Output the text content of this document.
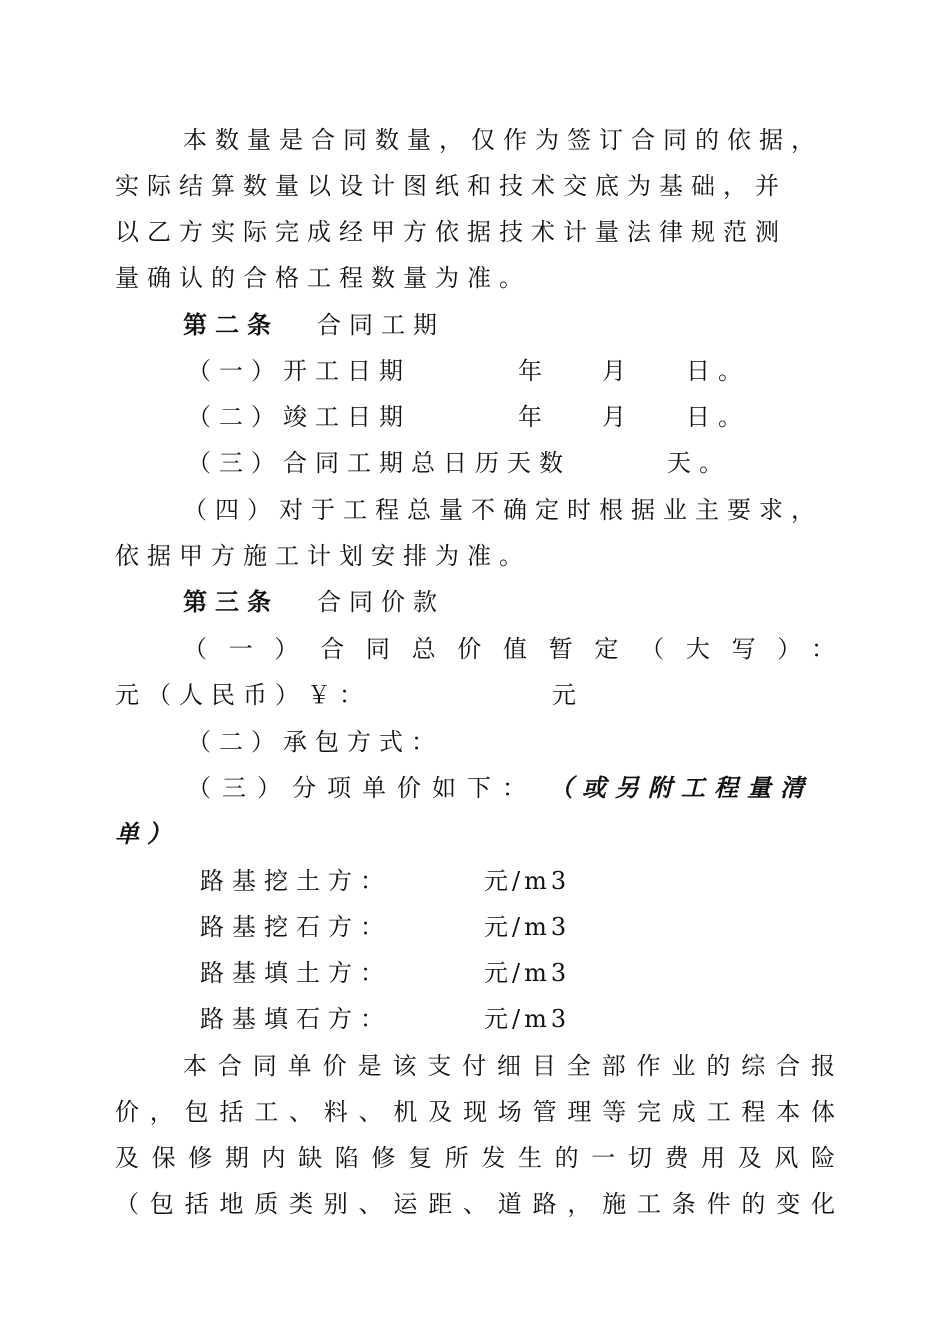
本数量是合同数量，仅作为签订合同的依据，
实际结算数量以设计图纸和技术交底为基础，并
以乙方实际完成经甲方依据技术计量法律规范测
量确认的合格工程数量为准。
第二条 合同工期
（一）开工日期	年 月 日。
（二）竣工日期	年 月 日。
（三）合同工期总日历天数	天。
（四）对于工程总量不确定时根据业主要求，
依据甲方施工计划安排为准。
第三条 合同价款
（一）合同总价值暂定（大写）：
元（人民币）￥：	元
（二）承包方式：
（三）分项单价如下： （或另附工程量清
单）
路基挖土方：	元/m3
路基挖石方：	元/m3
路基填土方：	元/m3
路基填石方：	元/m3
本合同单价是该支付细目全部作业的综合报
价，包括工、料、机及现场管理等完成工程本体
及保修期内缺陷修复所发生的一切费用及风险
（包括地质类别、运距、道路，施工条件的变化
